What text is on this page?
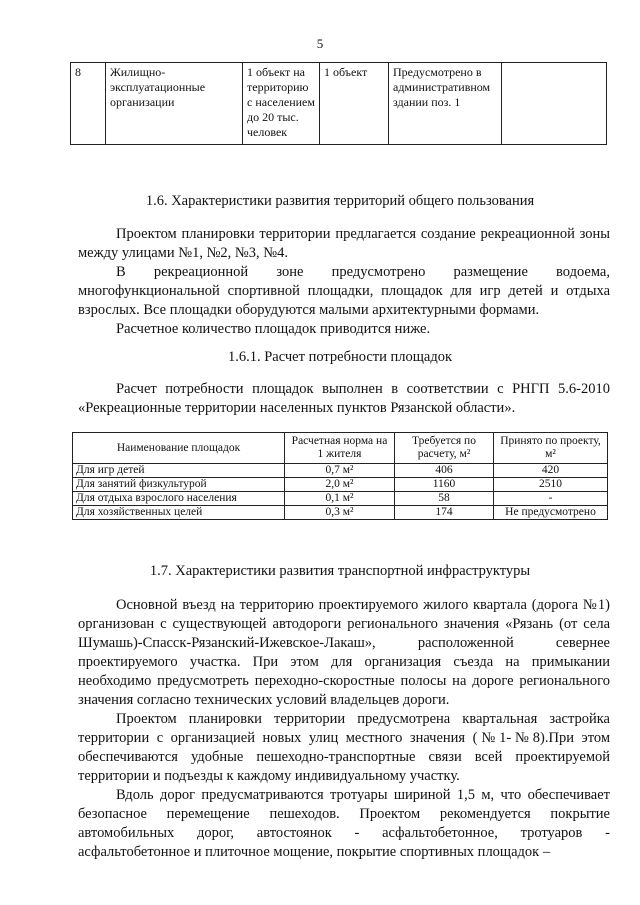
5
8	Жилищно-эксплуатационные организации	1 объект на территорию с населением до 20 тыс. человек	1 объект	Предусмотрено в административном здании поз. 1	
1.6. Характеристики развития территорий общего пользования

Проектом планировки территории предлагается создание рекреационной зоны между улицами №1, №2, №3, №4.

В рекреационной зоне предусмотрено размещение водоема, многофункциональной спортивной площадки, площадок для игр детей и отдыха взрослых. Все площадки оборудуются малыми архитектурными формами.

Расчетное количество площадок приводится ниже.

1.6.1. Расчет потребности площадок

Расчет потребности площадок выполнен в соответствии с РНГП 5.6-2010 «Рекреационные территории населенных пунктов Рязанской области».

Наименование площадок	Расчетная норма на 1 жителя	Требуется по расчету, м²	Принято по проекту, м²
Для игр детей	0,7 м²	406	420
Для занятий физкультурой	2,0 м²	1160	2510
Для отдыха взрослого населения	0,1 м²	58	-
Для хозяйственных целей	0,3 м²	174	Не предусмотрено
1.7. Характеристики развития транспортной инфраструктуры

Основной въезд на территорию проектируемого жилого квартала (дорога №1) организован с существующей автодороги регионального значения «Рязань (от села Шумашь)-Спасск-Рязанский-Ижевское-Лакаш», расположенной севернее проектируемого участка. При этом для организация съезда на примыкании необходимо предусмотреть переходно-скоростные полосы на дороге регионального значения согласно технических условий владельцев дороги.

Проектом планировки территории предусмотрена квартальная застройка территории с организацией новых улиц местного значения (№1-№8).При этом обеспечиваются удобные пешеходно-транспортные связи всей проектируемой территории и подъезды к каждому индивидуальному участку.

Вдоль дорог предусматриваются тротуары шириной 1,5 м, что обеспечивает безопасное перемещение пешеходов. Проектом рекомендуется покрытие автомобильных дорог, автостоянок - асфальтобетонное, тротуаров - асфальтобетонное и плиточное мощение, покрытие спортивных площадок –
